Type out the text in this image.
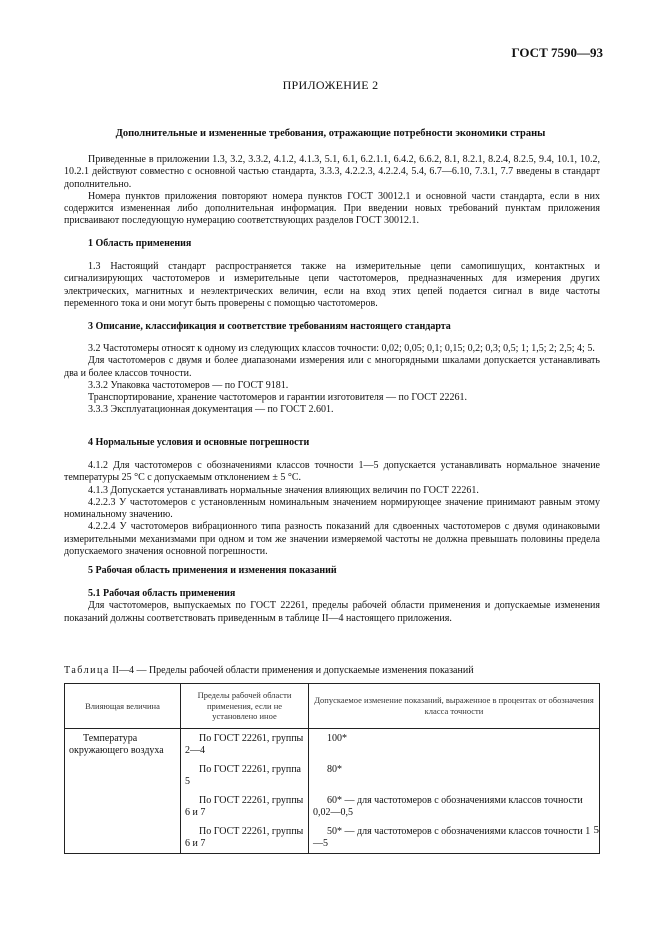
ГОСТ 7590—93
ПРИЛОЖЕНИЕ 2
Дополнительные и измененные требования, отражающие потребности экономики страны

Приведенные в приложении 1.3, 3.2, 3.3.2, 4.1.2, 4.1.3, 5.1, 6.1, 6.2.1.1, 6.4.2, 6.6.2, 8.1, 8.2.1, 8.2.4, 8.2.5, 9.4, 10.1, 10.2, 10.2.1 действуют совместно с основной частью стандарта, 3.3.3, 4.2.2.3, 4.2.2.4, 5.4, 6.7—6.10, 7.3.1, 7.7 введены в стандарт дополнительно.

Номера пунктов приложения повторяют номера пунктов ГОСТ 30012.1 и основной части стандарта, если в них содержится измененная либо дополнительная информация. При введении новых требований пунктам приложения присваивают последующую нумерацию соответствующих разделов ГОСТ 30012.1.

1 Область применения

1.3 Настоящий стандарт распространяется также на измерительные цепи самопишущих, контактных и сигнализирующих частотомеров и измерительные цепи частотомеров, предназначенных для измерения других электрических, магнитных и неэлектрических величин, если на вход этих цепей подается сигнал в виде частоты переменного тока и они могут быть проверены с помощью частотомеров.

3 Описание, классификация и соответствие требованиям настоящего стандарта

3.2 Частотомеры относят к одному из следующих классов точности: 0,02; 0,05; 0,1; 0,15; 0,2; 0,3; 0,5; 1; 1,5; 2; 2,5; 4; 5.

Для частотомеров с двумя и более диапазонами измерения или с многорядными шкалами допускается устанавливать два и более классов точности.

3.3.2 Упаковка частотомеров — по ГОСТ 9181.

Транспортирование, хранение частотомеров и гарантии изготовителя — по ГОСТ 22261.

3.3.3 Эксплуатационная документация — по ГОСТ 2.601.

4 Нормальные условия и основные погрешности

4.1.2 Для частотомеров с обозначениями классов точности 1—5 допускается устанавливать нормальное значение температуры 25 °С с допускаемым отклонением ± 5 °С.

4.1.3 Допускается устанавливать нормальные значения влияющих величин по ГОСТ 22261.

4.2.2.3 У частотомеров с установленным номинальным значением нормирующее значение принимают равным этому номинальному значению.

4.2.2.4 У частотомеров вибрационного типа разность показаний для сдвоенных частотомеров с двумя одинаковыми измерительными механизмами при одном и том же значении измеряемой частоты не должна превышать половины предела допускаемого значения основной погрешности.

5 Рабочая область применения и изменения показаний

5.1 Рабочая область применения

Для частотомеров, выпускаемых по ГОСТ 22261, пределы рабочей области применения и допускаемые изменения показаний должны соответствовать приведенным в таблице II—4 настоящего приложения.

Таблица II—4 — Пределы рабочей области применения и допускаемые изменения показаний
Влияющая величина	Пределы рабочей области применения, если не установлено иное	Допускаемое изменение показаний, выраженное в процентах от обозначения класса точности
Температура окружающего воздуха	По ГОСТ 22261, группы 2—4	100*
	По ГОСТ 22261, группа 5	80*
	По ГОСТ 22261, группы 6 и 7	60* — для частотомеров с обозначениями классов точности 0,02—0,5
	По ГОСТ 22261, группы 6 и 7	50* — для частотомеров с обозначениями классов точности 1—5
5
